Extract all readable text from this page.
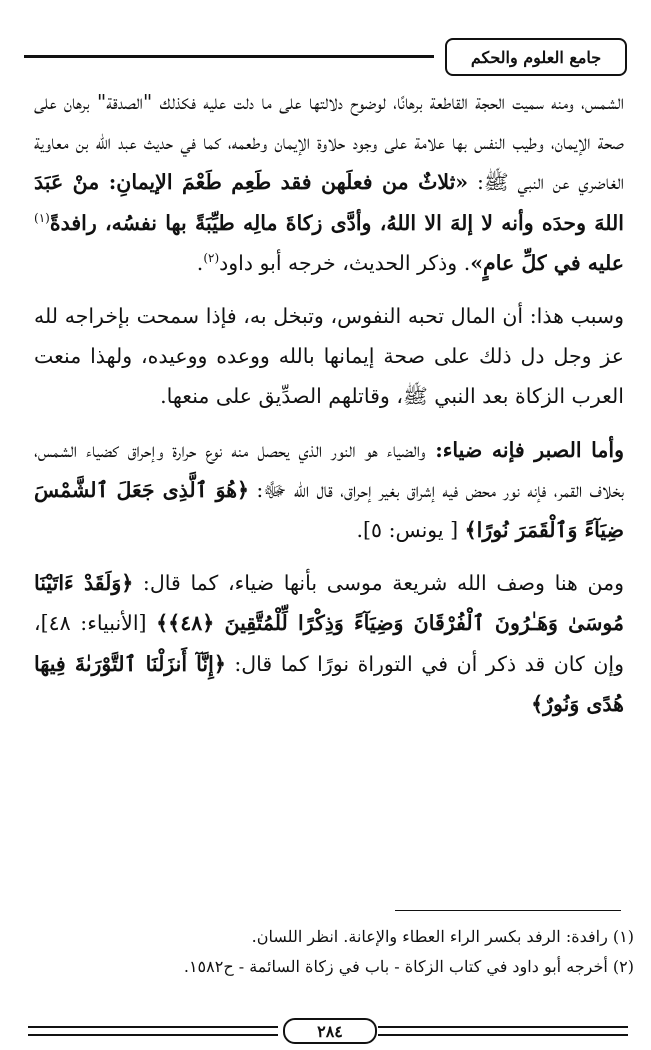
جامع العلوم والحكم

الشمس، ومنه سميت الحجة القاطعة برهانًا، لوضوح دلالتها على ما دلت عليه فكذلك "الصدقة" برهان على صحة الإيمان، وطيب النفس بها علامة على وجود حلاوة الإيمان وطعمه، كما في حديث عبد الله بن معاوية الغاضري عن النبي ﷺ: «ثلاثٌ من فعلَهن فقد طَعِم طَعْمَ الإيمانِ: منْ عَبَدَ اللهَ وحدَه وأنه لا إلهَ الا اللهُ، وأدَّى زكاةَ مالِه طيِّبَةً بها نفسُه، رافدةً$^{(١)}$ عليه في كلِّ عامٍ». وذكر الحديث، خرجه أبو داود$^{(٢)}$.

وسبب هذا: أن المال تحبه النفوس، وتبخل به، فإذا سمحت بإخراجه لله عز وجل دل ذلك على صحة إيمانها بالله ووعده ووعيده، ولهذا منعت العرب الزكاة بعد النبي ﷺ، وقاتلهم الصدِّيق على منعها.

وأما الصبر فإنه ضياء: والضياء هو النور الذي يحصل منه نوع حرارة وإحراق كضياء الشمس، بخلاف القمر، فإنه نور محض فيه إشراق بغير إحراق، قال الله ﷻ: ﴿هُوَ ٱلَّذِى جَعَلَ ٱلشَّمْسَ ضِيَآءً وَٱلْقَمَرَ نُورًا﴾ [ يونس: ٥].

ومن هنا وصف الله شريعة موسى بأنها ضياء، كما قال: ﴿وَلَقَدْ ءَاتَيْنَا مُوسَىٰ وَهَـٰرُونَ ٱلْفُرْقَانَ وَضِيَآءً وَذِكْرًا لِّلْمُتَّقِينَ ﴿٤٨﴾﴾ [الأنبياء: ٤٨]، وإن كان قد ذكر أن في التوراة نورًا كما قال: ﴿إِنَّآ أَنزَلْنَا ٱلتَّوْرَىٰةَ فِيهَا هُدًى وَنُورٌ﴾

(١) رافدة: الرفد بكسر الراء العطاء والإعانة. انظر اللسان.
(٢) أخرجه أبو داود في كتاب الزكاة - باب في زكاة السائمة - ح١٥٨٢.
٢٨٤
